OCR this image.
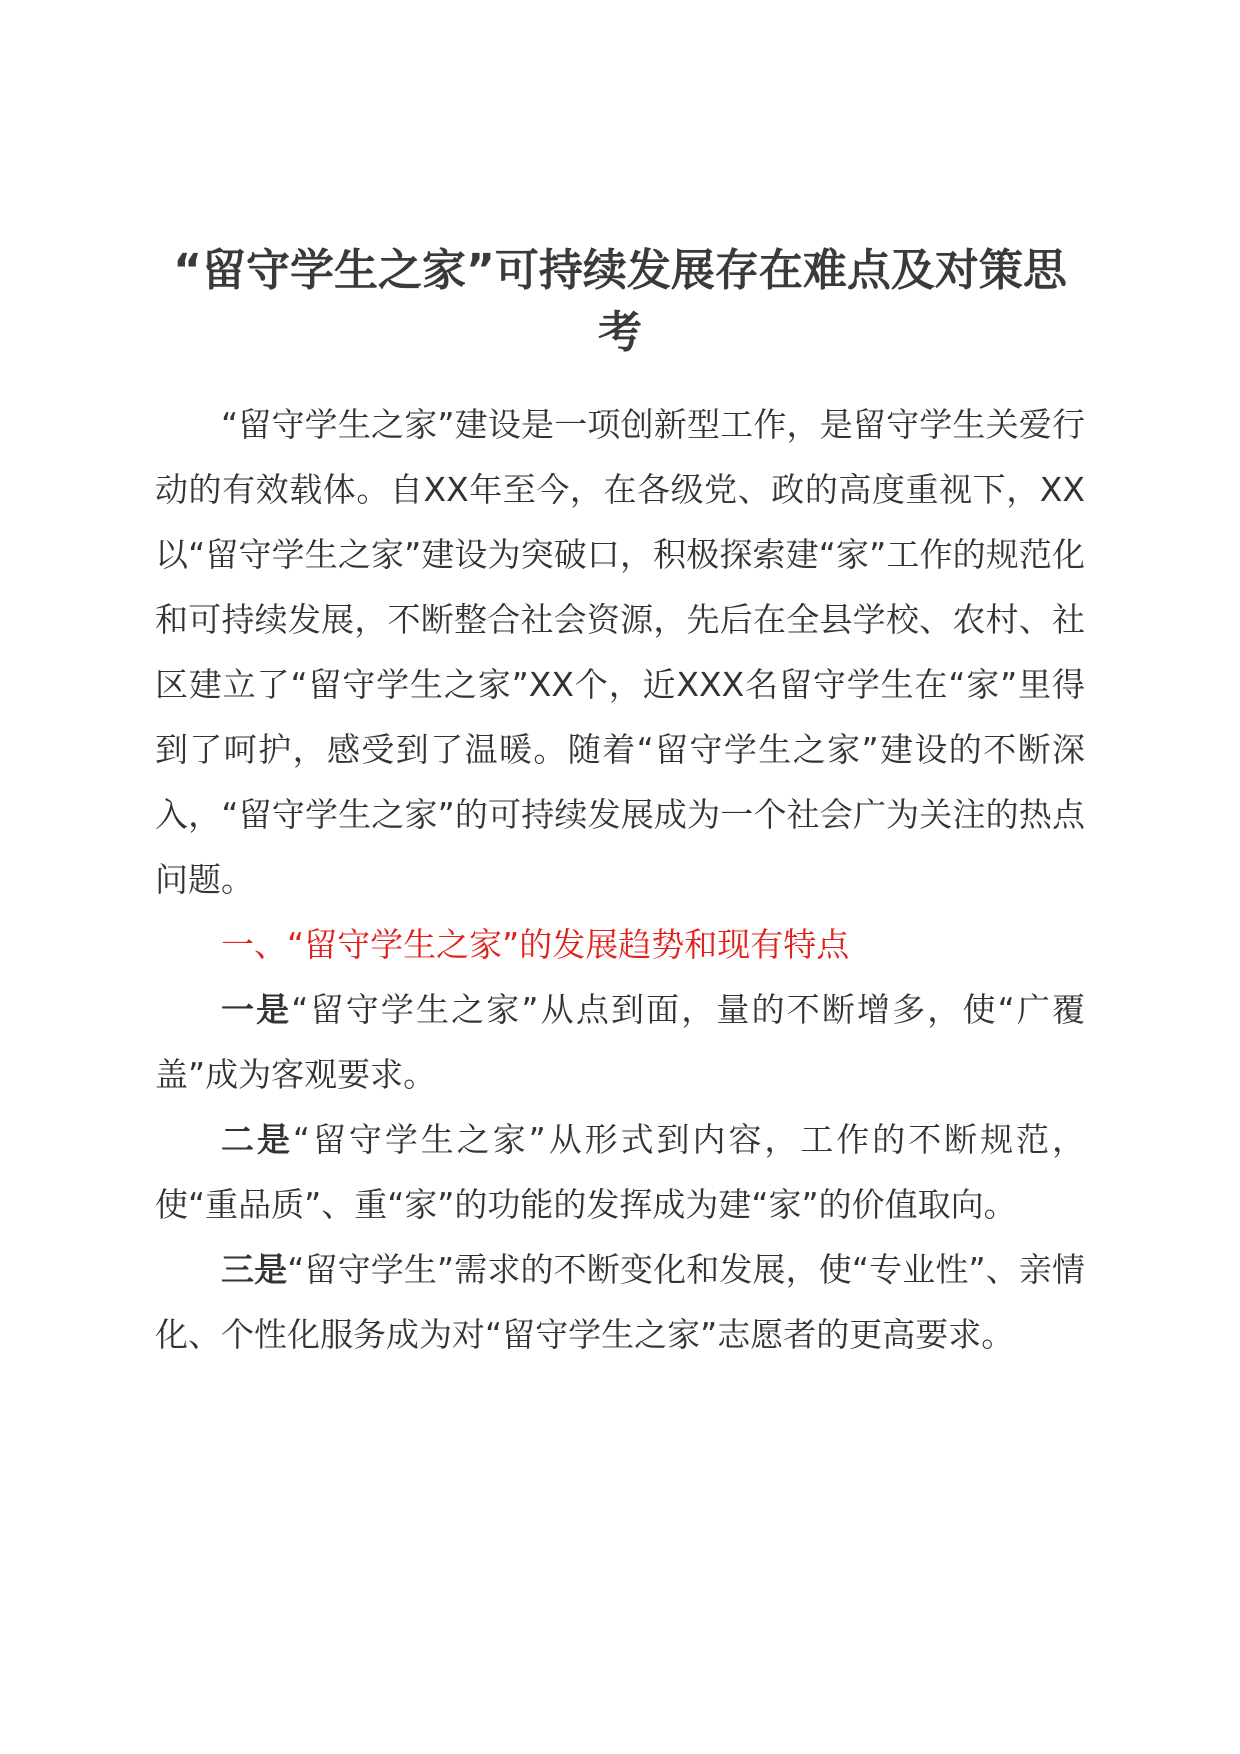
“留守学生之家”可持续发展存在难点及对策思考

“留守学生之家”建设是一项创新型工作，是留守学生关爱行动的有效载体。自XX年至今，在各级党、政的高度重视下，XX以“留守学生之家”建设为突破口，积极探索建“家”工作的规范化和可持续发展，不断整合社会资源，先后在全县学校、农村、社区建立了“留守学生之家”XX个，近XXX名留守学生在“家”里得到了呵护，感受到了温暖。随着“留守学生之家”建设的不断深入，“留守学生之家”的可持续发展成为一个社会广为关注的热点问题。

一、“留守学生之家”的发展趋势和现有特点

一是“留守学生之家”从点到面，量的不断增多，使“广覆盖”成为客观要求。

二是“留守学生之家”从形式到内容，工作的不断规范，使“重品质”、重“家”的功能的发挥成为建“家”的价值取向。

三是“留守学生”需求的不断变化和发展，使“专业性”、亲情化、个性化服务成为对“留守学生之家”志愿者的更高要求。
